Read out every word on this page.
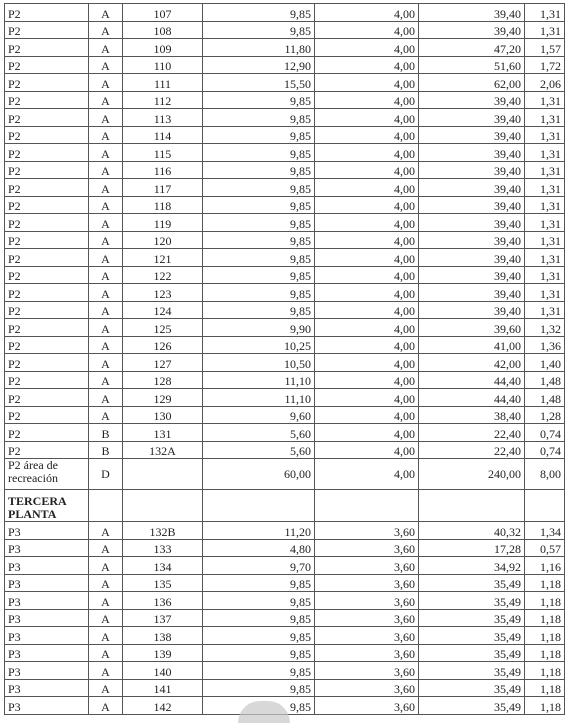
P2	A	107	9,85	4,00	39,40	1,31
P2	A	108	9,85	4,00	39,40	1,31
P2	A	109	11,80	4,00	47,20	1,57
P2	A	110	12,90	4,00	51,60	1,72
P2	A	111	15,50	4,00	62,00	2,06
P2	A	112	9,85	4,00	39,40	1,31
P2	A	113	9,85	4,00	39,40	1,31
P2	A	114	9,85	4,00	39,40	1,31
P2	A	115	9,85	4,00	39,40	1,31
P2	A	116	9,85	4,00	39,40	1,31
P2	A	117	9,85	4,00	39,40	1,31
P2	A	118	9,85	4,00	39,40	1,31
P2	A	119	9,85	4,00	39,40	1,31
P2	A	120	9,85	4,00	39,40	1,31
P2	A	121	9,85	4,00	39,40	1,31
P2	A	122	9,85	4,00	39,40	1,31
P2	A	123	9,85	4,00	39,40	1,31
P2	A	124	9,85	4,00	39,40	1,31
P2	A	125	9,90	4,00	39,60	1,32
P2	A	126	10,25	4,00	41,00	1,36
P2	A	127	10,50	4,00	42,00	1,40
P2	A	128	11,10	4,00	44,40	1,48
P2	A	129	11,10	4,00	44,40	1,48
P2	A	130	9,60	4,00	38,40	1,28
P2	B	131	5,60	4,00	22,40	0,74
P2	B	132A	5,60	4,00	22,40	0,74
P2 área de recreación	D		60,00	4,00	240,00	8,00

TERCERA PLANTA						

P3	A	132B	11,20	3,60	40,32	1,34
P3	A	133	4,80	3,60	17,28	0,57
P3	A	134	9,70	3,60	34,92	1,16
P3	A	135	9,85	3,60	35,49	1,18
P3	A	136	9,85	3,60	35,49	1,18
P3	A	137	9,85	3,60	35,49	1,18
P3	A	138	9,85	3,60	35,49	1,18
P3	A	139	9,85	3,60	35,49	1,18
P3	A	140	9,85	3,60	35,49	1,18
P3	A	141	9,85	3,60	35,49	1,18
P3	A	142	9,85	3,60	35,49	1,18
